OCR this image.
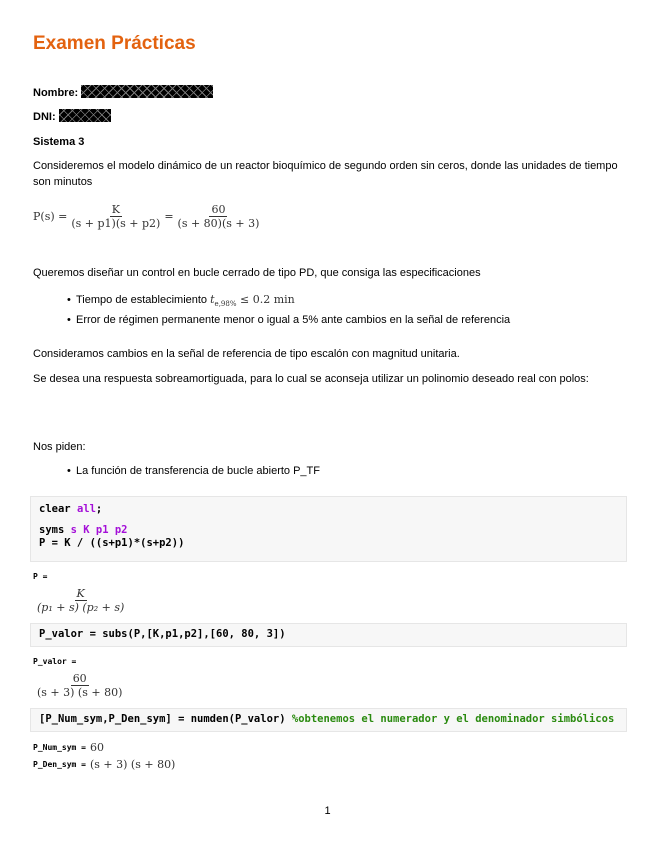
Examen Prácticas
Nombre:
DNI:
Sistema 3
Consideremos el modelo dinámico de un reactor bioquímico de segundo orden sin ceros, donde las unidades de tiempo son minutos
$P(s) = \frac{K}{(s + p1)(s + p2)} = \frac{60}{(s + 80)(s + 3)}$
Queremos diseñar un control en bucle cerrado de tipo PD, que consiga las especificaciones
• Tiempo de establecimiento $t_{e,98\%} \le 0.2$ min
• Error de régimen permanente menor o igual a 5% ante cambios en la señal de referencia
Consideramos cambios en la señal de referencia de tipo escalón con magnitud unitaria.
Se desea una respuesta sobreamortiguada, para lo cual se aconseja utilizar un polinomio deseado real con polos:
Nos piden:
• La función de transferencia de bucle abierto P_TF
clear all;
syms s K p1 p2
P = K / ((s+p1)*(s+p2))
P =
$\frac{K}{\text{(p₁ + s) (p₂ + s)}}$
P_valor = subs(P,[K,p1,p2],[60, 80, 3])
P_valor =
$\frac{60}{(s + 3) (s + 80)}$
[P_Num_sym,P_Den_sym] = numden(P_valor) %obtenemos el numerador y el denominador simbólicos
P_Num_sym = 60
P_Den_sym = (s + 3) (s + 80)
1
